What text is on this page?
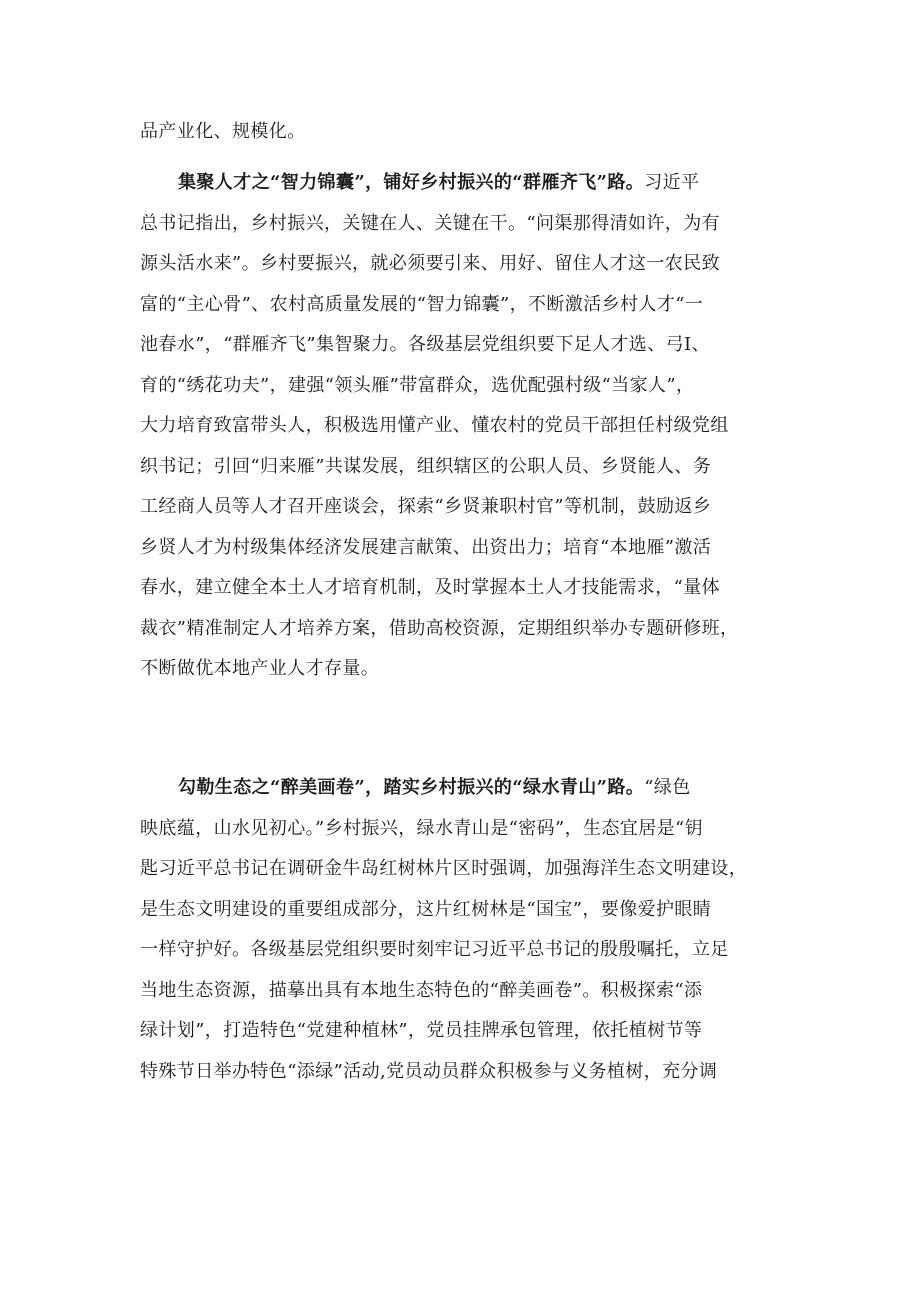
品产业化、规模化。
集聚人才之“智力锦囊”，铺好乡村振兴的“群雁齐飞”路。习近平
总书记指出，乡村振兴，关键在人、关键在干。“问渠那得清如许，为有
源头活水来”。乡村要振兴，就必须要引来、用好、留住人才这一农民致
富的“主心骨”、农村高质量发展的“智力锦囊”，不断激活乡村人才“一
池春水”，“群雁齐飞”集智聚力。各级基层党组织要下足人才选、弓Ⅰ、
育的“绣花功夫”，建强“领头雁”带富群众，选优配强村级“当家人”，
大力培育致富带头人，积极选用懂产业、懂农村的党员干部担任村级党组
织书记；引回“归来雁”共谋发展，组织辖区的公职人员、乡贤能人、务
工经商人员等人才召开座谈会，探索“乡贤兼职村官”等机制，鼓励返乡
乡贤人才为村级集体经济发展建言献策、出资出力；培育“本地雁”激活
春水，建立健全本土人才培育机制，及时掌握本土人才技能需求，“量体
裁衣”精准制定人才培养方案，借助高校资源，定期组织举办专题研修班，
不断做优本地产业人才存量。
勾勒生态之“醉美画卷”，踏实乡村振兴的“绿水青山”路。“绿色
映底蕴，山水见初心。”乡村振兴，绿水青山是“密码”，生态宜居是“钥
匙习近平总书记在调研金牛岛红树林片区时强调，加强海洋生态文明建设，
是生态文明建设的重要组成部分，这片红树林是“国宝”，要像爱护眼睛
一样守护好。各级基层党组织要时刻牢记习近平总书记的殷殷嘱托，立足
当地生态资源，描摹出具有本地生态特色的“醉美画卷”。积极探索“添
绿计划”，打造特色“党建种植林”，党员挂牌承包管理，依托植树节等
特殊节日举办特色“添绿”活动,党员动员群众积极参与义务植树，充分调
